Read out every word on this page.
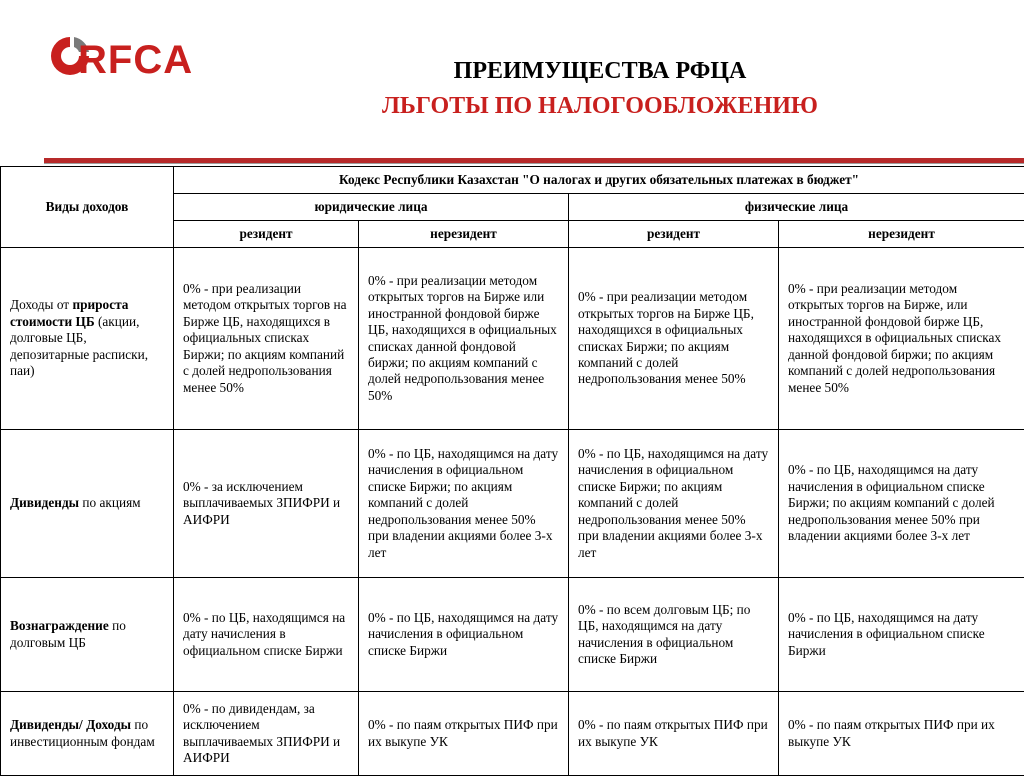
RFCA	ПРЕИМУЩЕСТВА РФЦА
ЛЬГОТЫ ПО НАЛОГООБЛОЖЕНИЮ
Виды доходов	Кодекс Республики Казахстан "О налогах и других обязательных платежах в бюджет"			
	юридические лица		физические лица	
	резидент	нерезидент	резидент	нерезидент
Доходы от прироста стоимости ЦБ (акции, долговые ЦБ, депозитарные расписки, паи)	0% - при реализации методом открытых торгов на Бирже ЦБ, находящихся в официальных списках Биржи; по акциям компаний с долей недропользования менее 50%	0% - при реализации методом открытых торгов на Бирже или иностранной фондовой бирже ЦБ, находящихся в официальных списках данной фондовой биржи; по акциям компаний с долей недропользования менее 50%	0% - при реализации методом открытых торгов на Бирже ЦБ, находящихся в официальных списках Биржи; по акциям компаний с долей недропользования менее 50%	0% - при реализации методом открытых торгов на Бирже, или иностранной фондовой бирже ЦБ, находящихся в официальных списках данной фондовой биржи; по акциям компаний с долей недропользования менее 50%
Дивиденды по акциям	0% - за исключением выплачиваемых ЗПИФРИ и АИФРИ	0% - по ЦБ, находящимся на дату начисления в официальном списке Биржи; по акциям компаний с долей недропользования менее 50% при владении акциями более 3-х лет	0% - по ЦБ, находящимся на дату начисления в официальном списке Биржи; по акциям компаний с долей недропользования менее 50% при владении акциями более 3-х лет	0% - по ЦБ, находящимся на дату начисления в официальном списке Биржи; по акциям компаний с долей недропользования менее 50% при владении акциями более 3-х лет
Вознаграждение по долговым ЦБ	0% - по ЦБ, находящимся на дату начисления в официальном списке Биржи	0% - по ЦБ, находящимся на дату начисления в официальном списке Биржи	0% - по всем долговым ЦБ; по ЦБ, находящимся на дату начисления в официальном списке Биржи	0% - по ЦБ, находящимся на дату начисления в официальном списке Биржи
Дивиденды/ Доходы по инвестиционным фондам	0% - по дивидендам, за исключением выплачиваемых ЗПИФРИ и АИФРИ	0% - по паям открытых ПИФ при их выкупе УК	0% - по паям открытых ПИФ при их выкупе УК	0% - по паям открытых ПИФ при их выкупе УК
